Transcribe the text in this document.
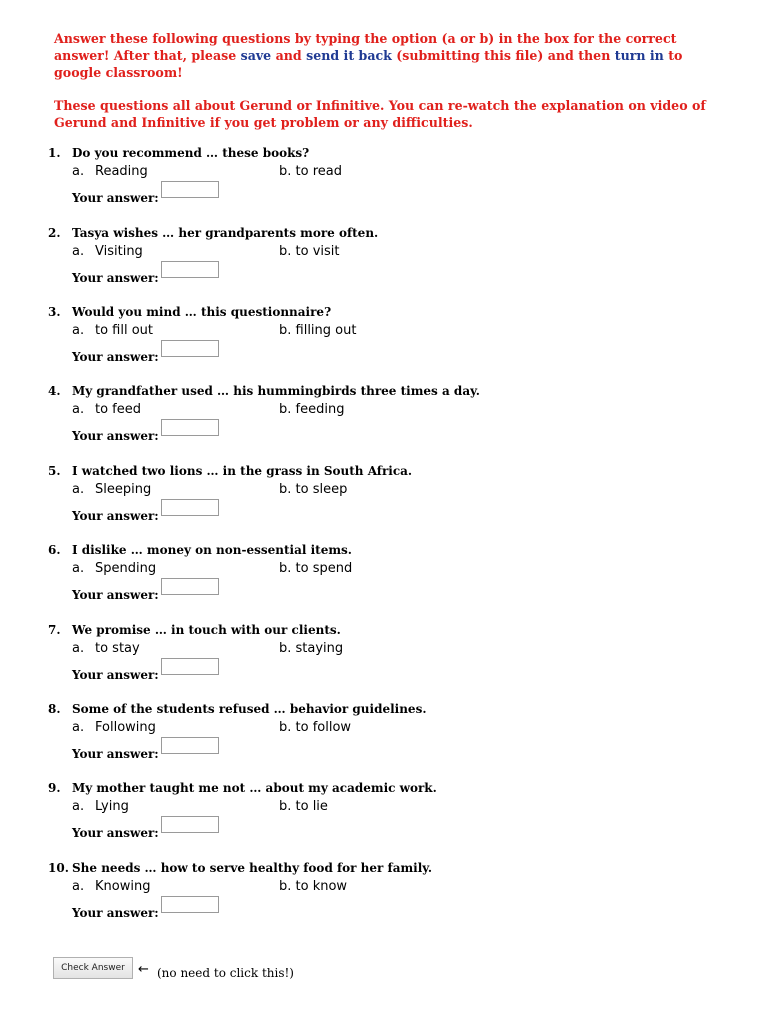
Answer these following questions by typing the option (a or b) in the box for the correct answer! After that, please save and send it back (submitting this file) and then turn in to google classroom!

These questions all about Gerund or Infinitive. You can re-watch the explanation on video of Gerund and Infinitive if you get problem or any difficulties.

1. Do you recommend … these books?
a. Reading	b. to read
Your answer:
2. Tasya wishes … her grandparents more often.
a. Visiting	b. to visit
Your answer:
3. Would you mind … this questionnaire?
a. to fill out	b. filling out
Your answer:
4. My grandfather used … his hummingbirds three times a day.
a. to feed	b. feeding
Your answer:
5. I watched two lions … in the grass in South Africa.
a. Sleeping	b. to sleep
Your answer:
6. I dislike … money on non-essential items.
a. Spending	b. to spend
Your answer:
7. We promise … in touch with our clients.
a. to stay	b. staying
Your answer:
8. Some of the students refused … behavior guidelines.
a. Following	b. to follow
Your answer:
9. My mother taught me not … about my academic work.
a. Lying	b. to lie
Your answer:
10. She needs … how to serve healthy food for her family.
a. Knowing	b. to know
Your answer:
Check Answer	← (no need to click this!)
